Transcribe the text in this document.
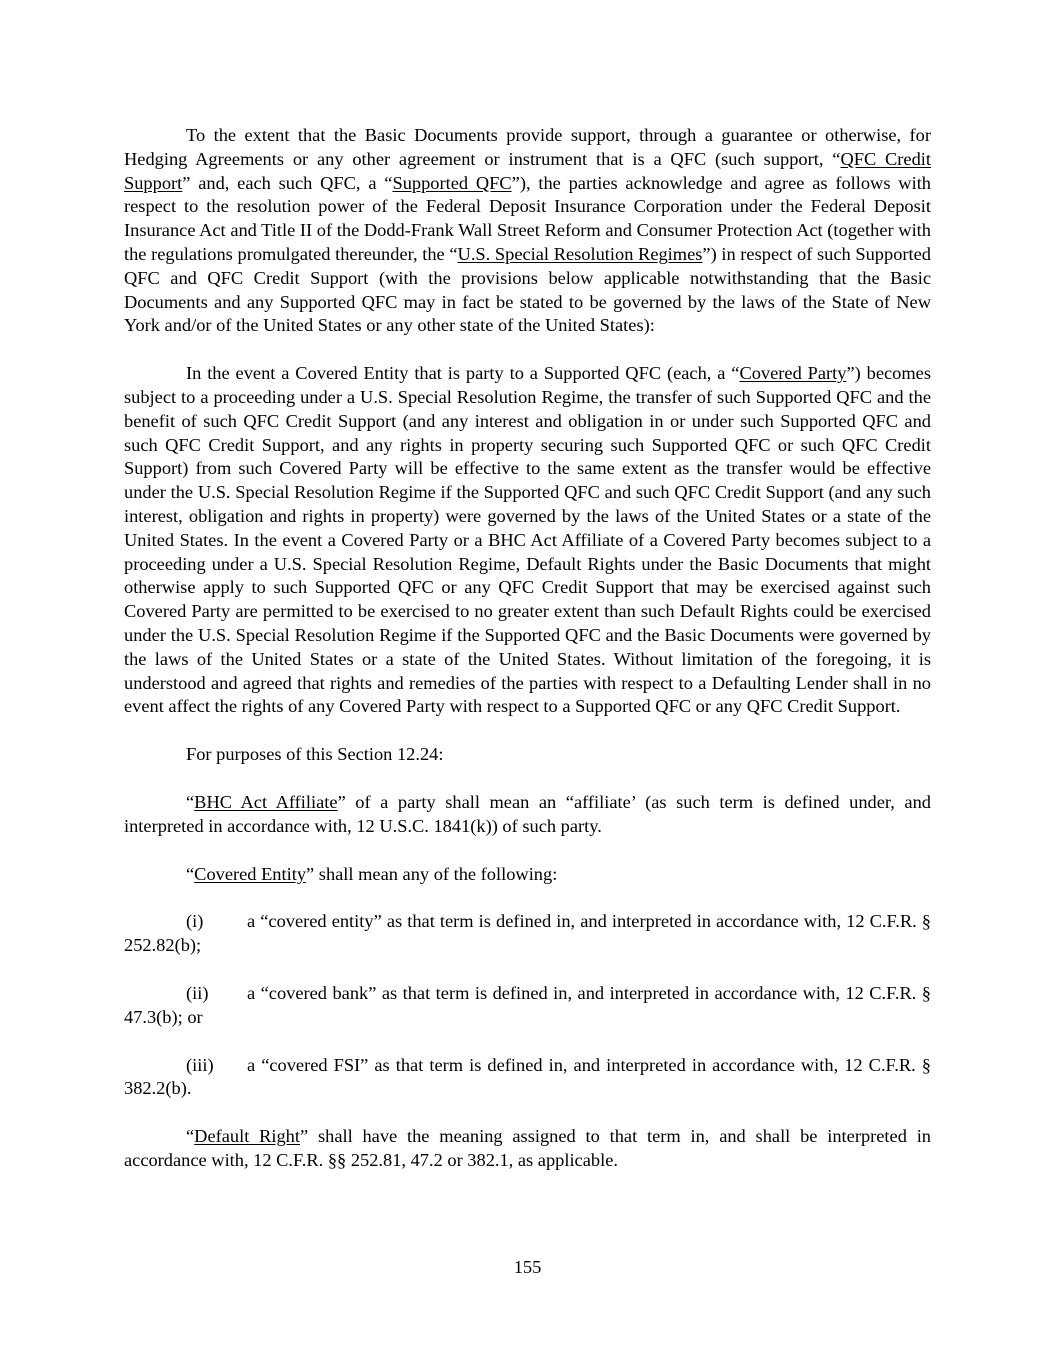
To the extent that the Basic Documents provide support, through a guarantee or otherwise, for Hedging Agreements or any other agreement or instrument that is a QFC (such support, “QFC Credit Support” and, each such QFC, a “Supported QFC”), the parties acknowledge and agree as follows with respect to the resolution power of the Federal Deposit Insurance Corporation under the Federal Deposit Insurance Act and Title II of the Dodd-Frank Wall Street Reform and Consumer Protection Act (together with the regulations promulgated thereunder, the “U.S. Special Resolution Regimes”) in respect of such Supported QFC and QFC Credit Support (with the provisions below applicable notwithstanding that the Basic Documents and any Supported QFC may in fact be stated to be governed by the laws of the State of New York and/or of the United States or any other state of the United States):

In the event a Covered Entity that is party to a Supported QFC (each, a “Covered Party”) becomes subject to a proceeding under a U.S. Special Resolution Regime, the transfer of such Supported QFC and the benefit of such QFC Credit Support (and any interest and obligation in or under such Supported QFC and such QFC Credit Support, and any rights in property securing such Supported QFC or such QFC Credit Support) from such Covered Party will be effective to the same extent as the transfer would be effective under the U.S. Special Resolution Regime if the Supported QFC and such QFC Credit Support (and any such interest, obligation and rights in property) were governed by the laws of the United States or a state of the United States. In the event a Covered Party or a BHC Act Affiliate of a Covered Party becomes subject to a proceeding under a U.S. Special Resolution Regime, Default Rights under the Basic Documents that might otherwise apply to such Supported QFC or any QFC Credit Support that may be exercised against such Covered Party are permitted to be exercised to no greater extent than such Default Rights could be exercised under the U.S. Special Resolution Regime if the Supported QFC and the Basic Documents were governed by the laws of the United States or a state of the United States. Without limitation of the foregoing, it is understood and agreed that rights and remedies of the parties with respect to a Defaulting Lender shall in no event affect the rights of any Covered Party with respect to a Supported QFC or any QFC Credit Support.

For purposes of this Section 12.24:

“BHC Act Affiliate” of a party shall mean an “affiliate’ (as such term is defined under, and interpreted in accordance with, 12 U.S.C. 1841(k)) of such party.

“Covered Entity” shall mean any of the following:

(i) a “covered entity” as that term is defined in, and interpreted in accordance with, 12 C.F.R. § 252.82(b);

(ii) a “covered bank” as that term is defined in, and interpreted in accordance with, 12 C.F.R. § 47.3(b); or

(iii) a “covered FSI” as that term is defined in, and interpreted in accordance with, 12 C.F.R. § 382.2(b).

“Default Right” shall have the meaning assigned to that term in, and shall be interpreted in accordance with, 12 C.F.R. §§ 252.81, 47.2 or 382.1, as applicable.

155
